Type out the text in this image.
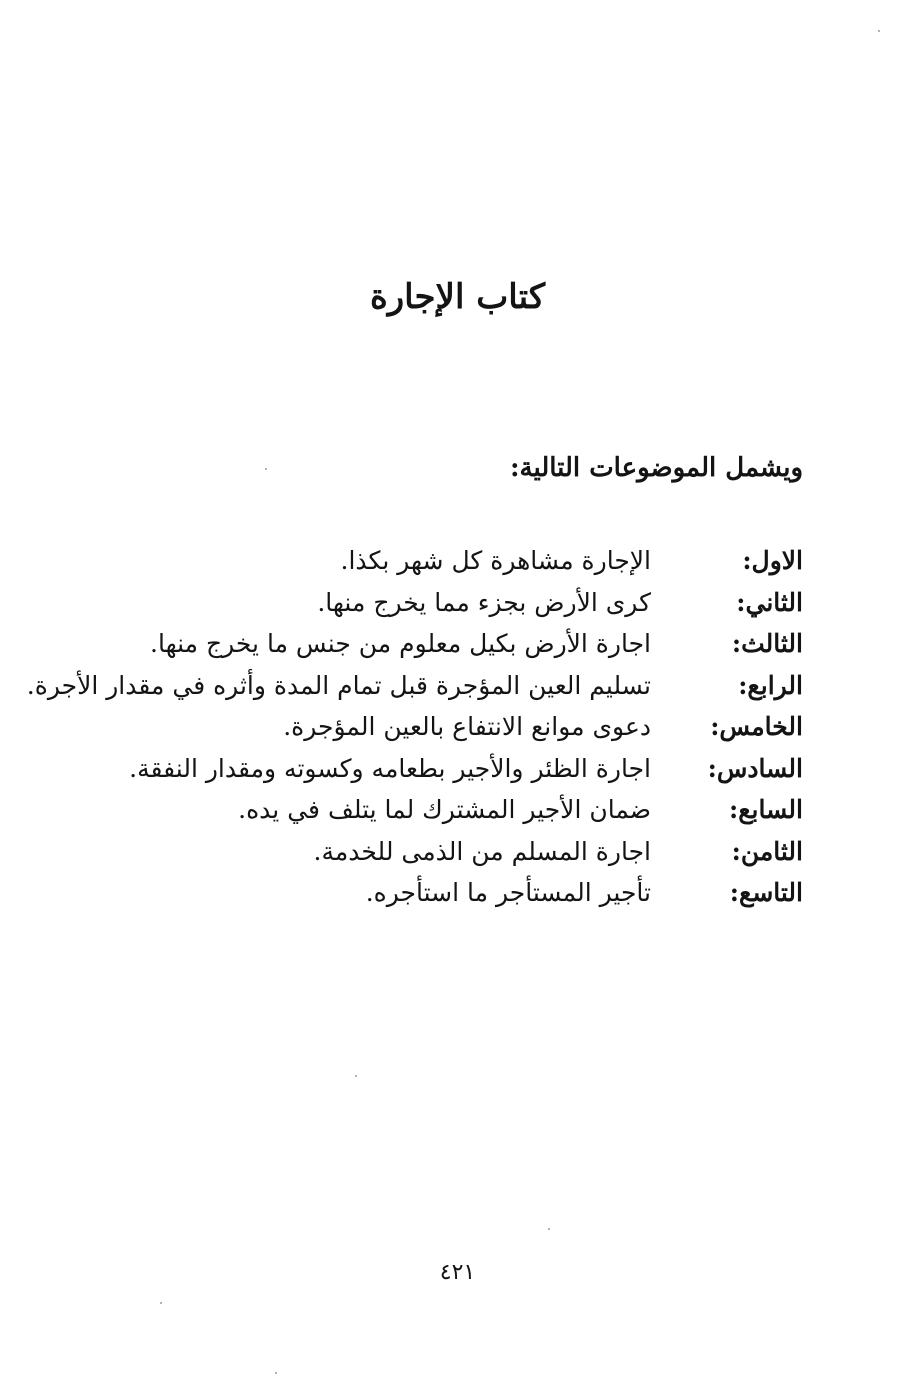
كتاب الإجارة
ويشمل الموضوعات التالية:
الاول:
الإجارة مشاهرة كل شهر بكذا.
الثاني:
كرى الأرض بجزء مما يخرج منها.
الثالث:
اجارة الأرض بكيل معلوم من جنس ما يخرج منها.
الرابع:
تسليم العين المؤجرة قبل تمام المدة وأثره في مقدار الأجرة.
الخامس:
دعوى موانع الانتفاع بالعين المؤجرة.
السادس:
اجارة الظئر والأجير بطعامه وكسوته ومقدار النفقة.
السابع:
ضمان الأجير المشترك لما يتلف في يده.
الثامن:
اجارة المسلم من الذمى للخدمة.
التاسع:
تأجير المستأجر ما استأجره.
٤٢١
